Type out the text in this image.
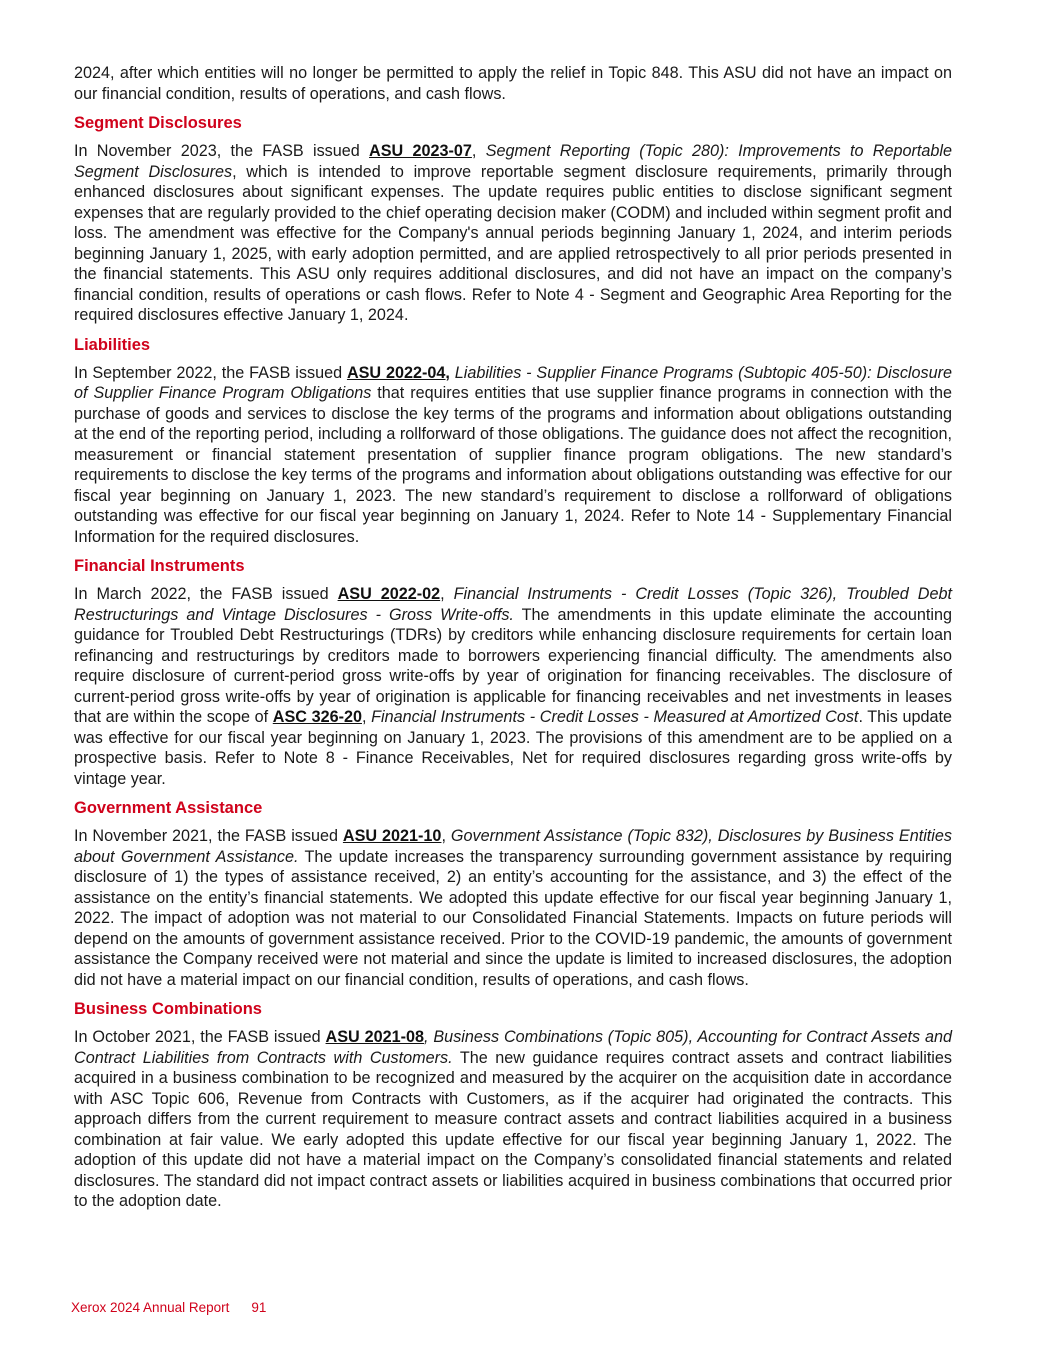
2024, after which entities will no longer be permitted to apply the relief in Topic 848. This ASU did not have an impact on our financial condition, results of operations, and cash flows.

Segment Disclosures

In November 2023, the FASB issued ASU 2023-07, Segment Reporting (Topic 280): Improvements to Reportable Segment Disclosures, which is intended to improve reportable segment disclosure requirements, primarily through enhanced disclosures about significant expenses. The update requires public entities to disclose significant segment expenses that are regularly provided to the chief operating decision maker (CODM) and included within segment profit and loss. The amendment was effective for the Company's annual periods beginning January 1, 2024, and interim periods beginning January 1, 2025, with early adoption permitted, and are applied retrospectively to all prior periods presented in the financial statements. This ASU only requires additional disclosures, and did not have an impact on the company’s financial condition, results of operations or cash flows. Refer to Note 4 - Segment and Geographic Area Reporting for the required disclosures effective January 1, 2024.

Liabilities

In September 2022, the FASB issued ASU 2022-04, Liabilities - Supplier Finance Programs (Subtopic 405-50): Disclosure of Supplier Finance Program Obligations that requires entities that use supplier finance programs in connection with the purchase of goods and services to disclose the key terms of the programs and information about obligations outstanding at the end of the reporting period, including a rollforward of those obligations. The guidance does not affect the recognition, measurement or financial statement presentation of supplier finance program obligations. The new standard’s requirements to disclose the key terms of the programs and information about obligations outstanding was effective for our fiscal year beginning on January 1, 2023. The new standard’s requirement to disclose a rollforward of obligations outstanding was effective for our fiscal year beginning on January 1, 2024. Refer to Note 14 - Supplementary Financial Information for the required disclosures.

Financial Instruments

In March 2022, the FASB issued ASU 2022-02, Financial Instruments - Credit Losses (Topic 326), Troubled Debt Restructurings and Vintage Disclosures - Gross Write-offs. The amendments in this update eliminate the accounting guidance for Troubled Debt Restructurings (TDRs) by creditors while enhancing disclosure requirements for certain loan refinancing and restructurings by creditors made to borrowers experiencing financial difficulty. The amendments also require disclosure of current-period gross write-offs by year of origination for financing receivables. The disclosure of current-period gross write-offs by year of origination is applicable for financing receivables and net investments in leases that are within the scope of ASC 326-20, Financial Instruments - Credit Losses - Measured at Amortized Cost. This update was effective for our fiscal year beginning on January 1, 2023. The provisions of this amendment are to be applied on a prospective basis. Refer to Note 8 - Finance Receivables, Net for required disclosures regarding gross write-offs by vintage year.

Government Assistance

In November 2021, the FASB issued ASU 2021-10, Government Assistance (Topic 832), Disclosures by Business Entities about Government Assistance. The update increases the transparency surrounding government assistance by requiring disclosure of 1) the types of assistance received, 2) an entity’s accounting for the assistance, and 3) the effect of the assistance on the entity’s financial statements. We adopted this update effective for our fiscal year beginning January 1, 2022. The impact of adoption was not material to our Consolidated Financial Statements. Impacts on future periods will depend on the amounts of government assistance received. Prior to the COVID-19 pandemic, the amounts of government assistance the Company received were not material and since the update is limited to increased disclosures, the adoption did not have a material impact on our financial condition, results of operations, and cash flows.

Business Combinations

In October 2021, the FASB issued ASU 2021-08, Business Combinations (Topic 805), Accounting for Contract Assets and Contract Liabilities from Contracts with Customers. The new guidance requires contract assets and contract liabilities acquired in a business combination to be recognized and measured by the acquirer on the acquisition date in accordance with ASC Topic 606, Revenue from Contracts with Customers, as if the acquirer had originated the contracts. This approach differs from the current requirement to measure contract assets and contract liabilities acquired in a business combination at fair value. We early adopted this update effective for our fiscal year beginning January 1, 2022. The adoption of this update did not have a material impact on the Company’s consolidated financial statements and related disclosures. The standard did not impact contract assets or liabilities acquired in business combinations that occurred prior to the adoption date.

Xerox 2024 Annual Report 91
